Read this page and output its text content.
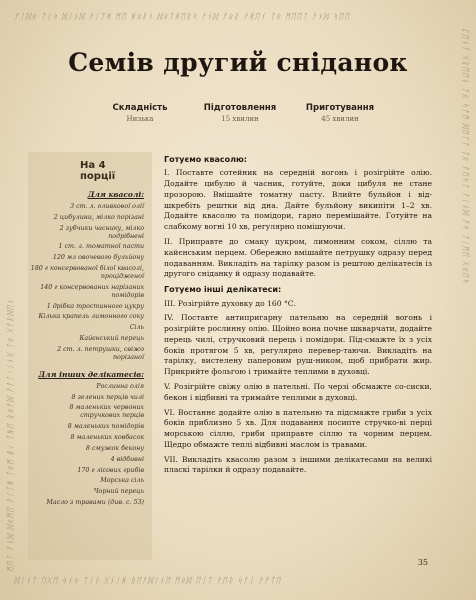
ᚠᛁᛞᛟ ᛏᛁᛋ ᛞᛁᚾᛞ ᚹᛁᛏᚻ ᛗᛖ ᚻᛟᚱᚾ ᛞᛟᛏᚻᛖᚱᛋ ᚨᚾᛞ ᚠᛟᚱ ᚹᚻᛖᚾ ᛏᛟ ᛗᛖᛖᛏ ᚨᚾᛞ ᛋᛖᛖ
ᛞᛁᚾᛏ ᛖᚷᛖ ᛋᚾᛟ ᛏᛁᚾ ᚷᚾᛁᚻ ᚱᛖᚨᛞᛁᚾᛖ ᛗᛟᛞ ᛖᛁᛏ ᚹᛖᚱ ᛋᚨᛁ ᚹᚨᛏᛖ
ᛗᛖᛏ ᚨᚾᛞ ᛞᛟᛗᛖ ᚹᛁᛏᚻ ᛏᛟᛗ ᛒᛁ ᛏᚻᛖ ᚱᛟᚨᛞ ᚹᚨᛚᚲᛁᚾᚷ ᛏᛟ ᚷᚨᚱᛞᛖᚾ
ᛈᛖᚾᛏ ᚷᚱᛖᛖᚾ ᛏᛟ ᛋᚨᛗ ᛞᛖᛚᛏ ᛏᛟ ᚹᛖᛋᛏ ᚹᛁᚾᛞ ᚨᛋ ᛏᛁᛗᛖ ᚷᛟᛖᛋ
Семів другий сніданок
Складність
Низька
Підготовлення
15 хвилин
Приготування
45 хвилин
На 4 порції
Для квасолі:
3 ст. л. оливкової олії
2 цибулини, мілко порізані
2 зубчики часнику, мілко подрібнені
1 ст. л. томатної пасти
120 мл овочевого бульйону
180 г консервованої білої квасолі, процідженої
140 г консервованих нарізаних помідорів
1 дрібка тростинного цукру
Кілька крапель лимонного соку
Сіль
Кайєнський перець
2 ст. л. петрушки, свіжо порізаної
Для інших делікатесів:
Рослинна олія
8 зелених перців чилі
8 маленьких червоних стручкових перців
8 маленьких помідорів
8 маленьких ковбасок
8 смужок бекону
4 відбивні
170 г лісових грибів
Морська сіль
Чорний перець
Масло з травами (див. с. 53)
Готуємо квасолю:

I. Поставте сотейник на середній вогонь і розігрійте олію. Додайте цибулю й часник, готуйте, доки цибуля не стане прозорою. Вмішайте томатну пасту. Влийте бульйон і від-шкребіть рештки від дна. Дайте бульйону википіти 1–2 хв. Додайте квасолю та помідори, гарно перемішайте. Готуйте на слабкому вогні 10 хв, регулярно помішуючи.

II. Приправте до смаку цукром, лимонним соком, сіллю та кайєнським перцем. Обережно вмішайте петрушку одразу перед подаванням. Викладіть на тарілку разом із рештою делікатесів із другого сніданку й одразу подавайте.

Готуємо інші делікатеси:

III. Розігрійте духовку до 160 °С.

IV. Поставте антипригарну пательню на середній вогонь і розігрійте рослинну олію. Щойно вона почне шкварчати, додайте перець чилі, стручковий перець і помідори. Під-смажте їх з усіх боків протягом 5 хв, регулярно перевер-таючи. Викладіть на тарілку, вистелену паперовим руш-ником, щоб прибрати жир. Прикрийте фольгою і тримайте теплими в духовці.

V. Розігрійте свіжу олію в пательні. По черзі обсмажте со-сиски, бекон і відбивні та тримайте теплими в духовці.

VI. Востаннє додайте олію в пательню та підсмажте гриби з усіх боків приблизно 5 хв. Для подавання посипте стручко-ві перці морською сіллю, гриби приправте сіллю та чорним перцем. Щедро обмажте теплі відбивні маслом із травами.

VII. Викладіть квасолю разом з іншими делікатесами на великі пласкі тарілки й одразу подавайте.

35
